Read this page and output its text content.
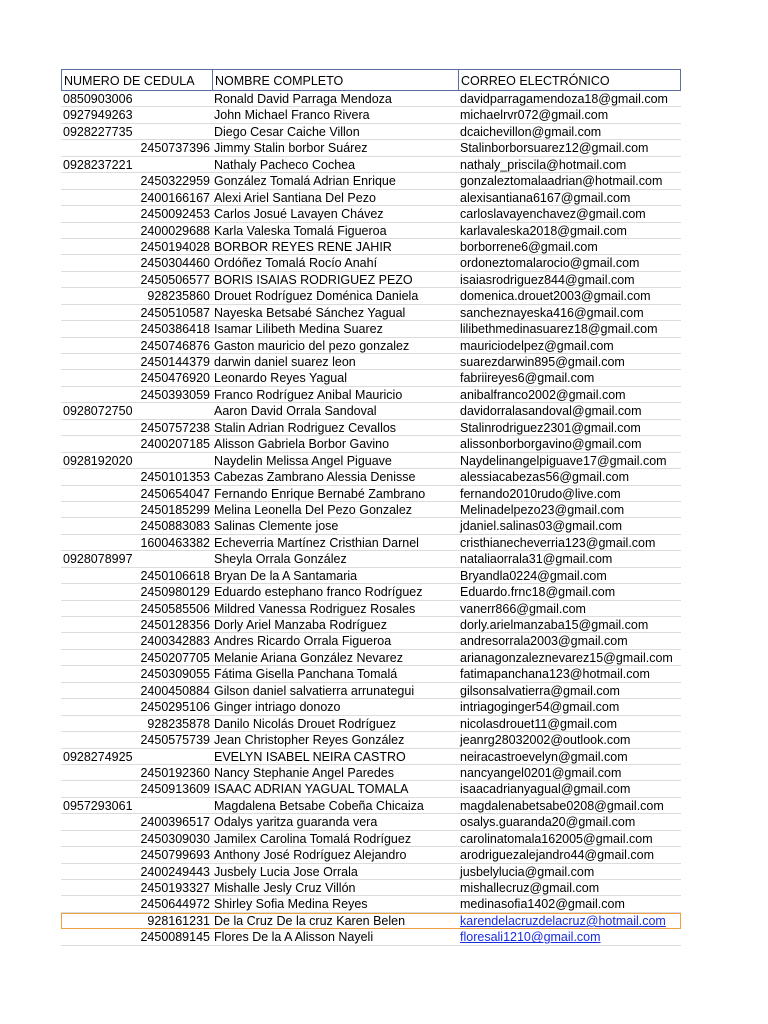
NUMERO DE CEDULA	NOMBRE COMPLETO	CORREO ELECTRÓNICO
0850903006	Ronald David Parraga Mendoza	davidparragamendoza18@gmail.com
0927949263	John Michael Franco Rivera	michaelrvr072@gmail.com
0928227735	Diego Cesar Caiche Villon	dcaichevillon@gmail.com
2450737396 Jimmy Stalin borbor Suárez	Stalinborborsuarez12@gmail.com
0928237221	Nathaly Pacheco Cochea	nathaly_priscila@hotmail.com
2450322959 González Tomalá Adrian Enrique	gonzaleztomalaadrian@hotmail.com
2400166167 Alexi Ariel Santiana Del Pezo	alexisantiana6167@gmail.com
2450092453 Carlos Josué Lavayen Chávez	carloslavayenchavez@gmail.com
2400029688 Karla Valeska Tomalá Figueroa	karlavaleska2018@gmail.com
2450194028 BORBOR REYES RENE JAHIR	borborrene6@gmail.com
2450304460 Ordóñez Tomalá Rocío Anahí	ordoneztomalarocio@gmail.com
2450506577 BORIS ISAIAS RODRIGUEZ PEZO	isaiasrodriguez844@gmail.com
928235860 Drouet Rodríguez Doménica Daniela	domenica.drouet2003@gmail.com
2450510587 Nayeska Betsabé Sánchez Yagual	sancheznayeska416@gmail.com
2450386418 Isamar Lilibeth Medina Suarez	lilibethmedinasuarez18@gmail.com
2450746876 Gaston mauricio del pezo gonzalez	mauriciodelpez@gmail.com
2450144379 darwin daniel suarez leon	suarezdarwin895@gmail.com
2450476920 Leonardo Reyes Yagual	fabriireyes6@gmail.com
2450393059 Franco Rodríguez Anibal Mauricio	anibalfranco2002@gmail.com
0928072750	Aaron David Orrala Sandoval	davidorralasandoval@gmail.com
2450757238 Stalin Adrian Rodriguez Cevallos	Stalinrodriguez2301@gmail.com
2400207185 Alisson Gabriela Borbor Gavino	alissonborborgavino@gmail.com
0928192020	Naydelin Melissa Angel Piguave	Naydelinangelpiguave17@gmail.com
2450101353 Cabezas Zambrano Alessia Denisse	alessiacabezas56@gmail.com
2450654047 Fernando Enrique Bernabé Zambrano	fernando2010rudo@live.com
2450185299 Melina Leonella Del Pezo Gonzalez	Melinadelpezo23@gmail.com
2450883083 Salinas Clemente jose	jdaniel.salinas03@gmail.com
1600463382 Echeverria Martínez Cristhian Darnel	cristhianecheverria123@gmail.com
0928078997	Sheyla Orrala González	nataliaorrala31@gmail.com
2450106618 Bryan De la A Santamaria	Bryandla0224@gmail.com
2450980129 Eduardo estephano franco Rodríguez	Eduardo.frnc18@gmail.com
2450585506 Mildred Vanessa Rodriguez Rosales	vanerr866@gmail.com
2450128356 Dorly Ariel Manzaba Rodríguez	dorly.arielmanzaba15@gmail.com
2400342883 Andres Ricardo Orrala Figueroa	andresorrala2003@gmail.com
2450207705 Melanie Ariana González Nevarez	arianagonzaleznevarez15@gmail.com
2450309055 Fátima Gisella Panchana Tomalá	fatimapanchana123@hotmail.com
2400450884 Gilson daniel salvatierra arrunategui	gilsonsalvatierra@gmail.com
2450295106 Ginger intriago donozo	intriagoginger54@gmail.com
928235878 Danilo Nicolás Drouet Rodríguez	nicolasdrouet11@gmail.com
2450575739 Jean Christopher Reyes González	jeanrg28032002@outlook.com
0928274925	EVELYN ISABEL NEIRA CASTRO	neiracastroevelyn@gmail.com
2450192360 Nancy Stephanie Angel Paredes	nancyangel0201@gmail.com
2450913609 ISAAC ADRIAN YAGUAL TOMALA	isaacadrianyagual@gmail.com
0957293061	Magdalena Betsabe Cobeña Chicaiza	magdalenabetsabe0208@gmail.com
2400396517 Odalys yaritza guaranda vera	osalys.guaranda20@gmail.com
2450309030 Jamilex Carolina Tomalá Rodríguez	carolinatomala162005@gmail.com
2450799693 Anthony José Rodríguez Alejandro	arodriguezalejandro44@gmail.com
2400249443 Jusbely Lucia Jose Orrala	jusbelylucia@gmail.com
2450193327 Mishalle Jesly Cruz Villón	mishallecruz@gmail.com
2450644972 Shirley Sofia Medina Reyes	medinasofia1402@gmail.com
928161231 De la Cruz De la cruz Karen Belen	karendelacruzdelacruz@hotmail.com
2450089145 Flores De la A Alisson Nayeli	floresali1210@gmail.com
